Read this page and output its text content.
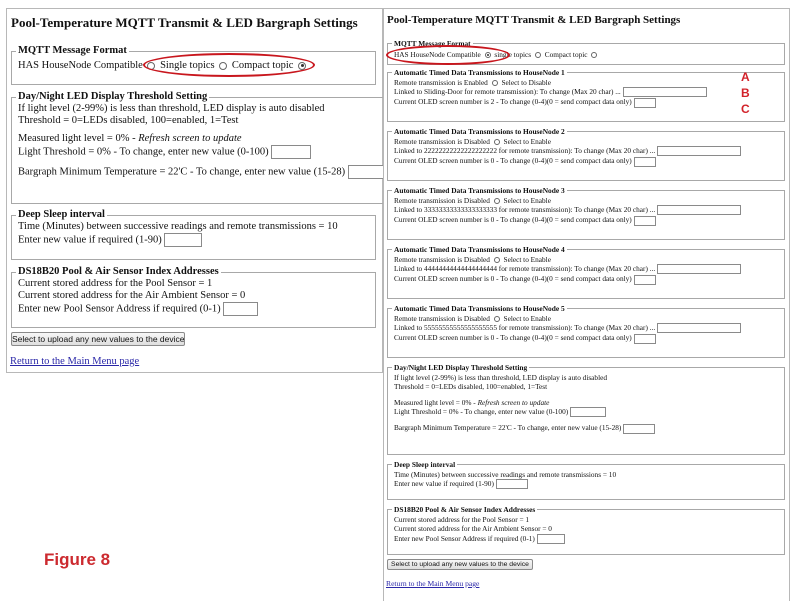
Pool-Temperature MQTT Transmit & LED Bargraph Settings
MQTT Message Format
HAS HouseNode Compatible Single topics Compact topic
Day/Night LED Display Threshold Setting
If light level (2-99%) is less than threshold, LED display is auto disabled
Threshold = 0=LEDs disabled, 100=enabled, 1=Test
Measured light level = 0% - Refresh screen to update
Light Threshold = 0% - To change, enter new value (0-100)
Bargraph Minimum Temperature = 22'C - To change, enter new value (15-28)
Deep Sleep interval
Time (Minutes) between successive readings and remote transmissions = 10
Enter new value if required (1-90)
DS18B20 Pool & Air Sensor Index Addresses
Current stored address for the Pool Sensor = 1
Current stored address for the Air Ambient Sensor = 0
Enter new Pool Sensor Address if required (0-1)
Select to upload any new values to the device
Return to the Main Menu page
Figure 8
Pool-Temperature MQTT Transmit & LED Bargraph Settings
MQTT Message Format
HAS HouseNode Compatible single topics Compact topic
Automatic Timed Data Transmissions to HouseNode 1
Remote transmission is Enabled Select to Disable
Linked to Sliding-Door for remote transmission): To change (Max 20 char) ...
Current OLED screen number is 2 - To change (0-4)(0 = send compact data only)
Automatic Timed Data Transmissions to HouseNode 2
Remote transmission is Disabled Select to Enable
Linked to 22222222222222222222 for remote transmission): To change (Max 20 char) ...
Current OLED screen number is 0 - To change (0-4)(0 = send compact data only)
Automatic Timed Data Transmissions to HouseNode 3
Remote transmission is Disabled Select to Enable
Linked to 33333333333333333333 for remote transmission): To change (Max 20 char) ...
Current OLED screen number is 0 - To change (0-4)(0 = send compact data only)
Automatic Timed Data Transmissions to HouseNode 4
Remote transmission is Disabled Select to Enable
Linked to 44444444444444444444 for remote transmission): To change (Max 20 char) ...
Current OLED screen number is 0 - To change (0-4)(0 = send compact data only)
Automatic Timed Data Transmissions to HouseNode 5
Remote transmission is Disabled Select to Enable
Linked to 55555555555555555555 for remote transmission): To change (Max 20 char) ...
Current OLED screen number is 0 - To change (0-4)(0 = send compact data only)
Day/Night LED Display Threshold Setting
If light level (2-99%) is less than threshold, LED display is auto disabled
Threshold = 0=LEDs disabled, 100=enabled, 1=Test
Measured light level = 0% - Refresh screen to update
Light Threshold = 0% - To change, enter new value (0-100)
Bargraph Minimum Temperature = 22'C - To change, enter new value (15-28)
Deep Sleep interval
Time (Minutes) between successive readings and remote transmissions = 10
Enter new value if required (1-90)
DS18B20 Pool & Air Sensor Index Addresses
Current stored address for the Pool Sensor = 1
Current stored address for the Air Ambient Sensor = 0
Enter new Pool Sensor Address if required (0-1)
Select to upload any new values to the device
Return to the Main Menu page
A
B
C
